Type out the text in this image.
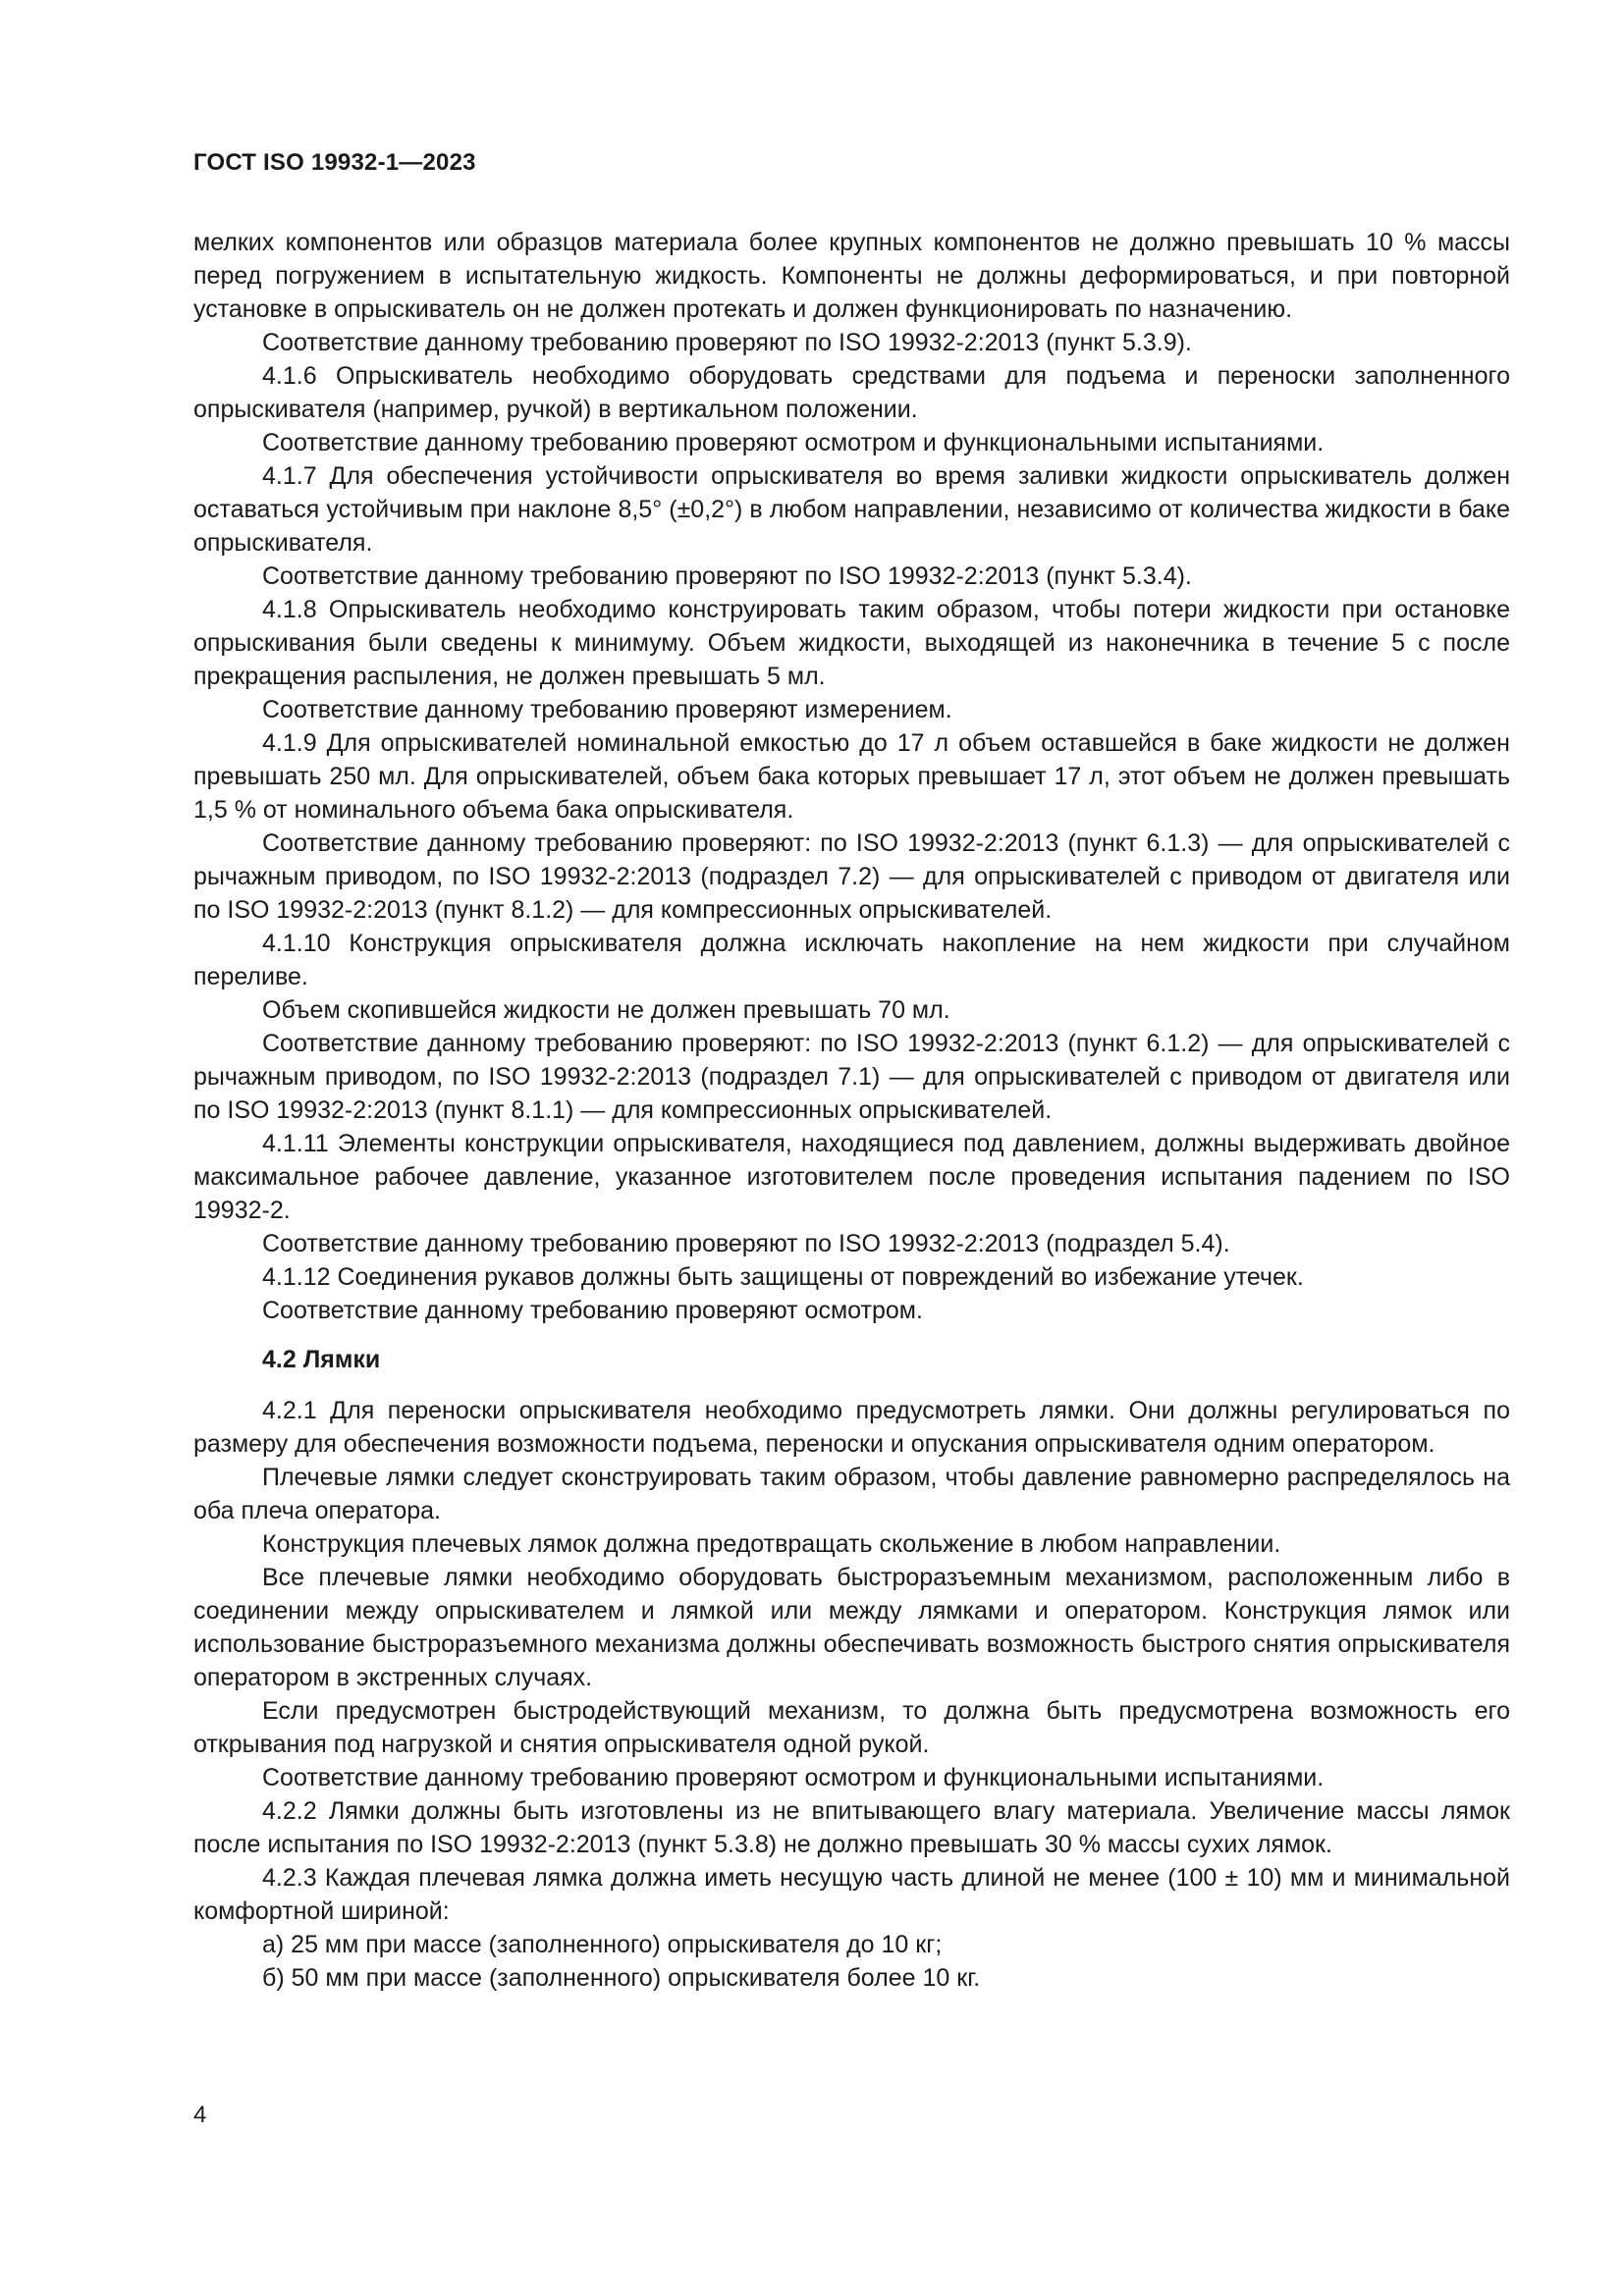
ГОСТ ISO 19932-1—2023

мелких компонентов или образцов материала более крупных компонентов не должно превышать 10 % массы перед погружением в испытательную жидкость. Компоненты не должны деформироваться, и при повторной установке в опрыскиватель он не должен протекать и должен функционировать по назначению.

Соответствие данному требованию проверяют по ISO 19932-2:2013 (пункт 5.3.9).

4.1.6 Опрыскиватель необходимо оборудовать средствами для подъема и переноски заполненного опрыскивателя (например, ручкой) в вертикальном положении.

Соответствие данному требованию проверяют осмотром и функциональными испытаниями.

4.1.7 Для обеспечения устойчивости опрыскивателя во время заливки жидкости опрыскиватель должен оставаться устойчивым при наклоне 8,5° (±0,2°) в любом направлении, независимо от количества жидкости в баке опрыскивателя.

Соответствие данному требованию проверяют по ISO 19932-2:2013 (пункт 5.3.4).

4.1.8 Опрыскиватель необходимо конструировать таким образом, чтобы потери жидкости при остановке опрыскивания были сведены к минимуму. Объем жидкости, выходящей из наконечника в течение 5 с после прекращения распыления, не должен превышать 5 мл.

Соответствие данному требованию проверяют измерением.

4.1.9 Для опрыскивателей номинальной емкостью до 17 л объем оставшейся в баке жидкости не должен превышать 250 мл. Для опрыскивателей, объем бака которых превышает 17 л, этот объем не должен превышать 1,5 % от номинального объема бака опрыскивателя.

Соответствие данному требованию проверяют: по ISO 19932-2:2013 (пункт 6.1.3) — для опрыскивателей с рычажным приводом, по ISO 19932-2:2013 (подраздел 7.2) — для опрыскивателей с приводом от двигателя или по ISO 19932-2:2013 (пункт 8.1.2) — для компрессионных опрыскивателей.

4.1.10 Конструкция опрыскивателя должна исключать накопление на нем жидкости при случайном переливе.

Объем скопившейся жидкости не должен превышать 70 мл.

Соответствие данному требованию проверяют: по ISO 19932-2:2013 (пункт 6.1.2) — для опрыскивателей с рычажным приводом, по ISO 19932-2:2013 (подраздел 7.1) — для опрыскивателей с приводом от двигателя или по ISO 19932-2:2013 (пункт 8.1.1) — для компрессионных опрыскивателей.

4.1.11 Элементы конструкции опрыскивателя, находящиеся под давлением, должны выдерживать двойное максимальное рабочее давление, указанное изготовителем после проведения испытания падением по ISO 19932-2.

Соответствие данному требованию проверяют по ISO 19932-2:2013 (подраздел 5.4).

4.1.12 Соединения рукавов должны быть защищены от повреждений во избежание утечек.

Соответствие данному требованию проверяют осмотром.

4.2 Лямки

4.2.1 Для переноски опрыскивателя необходимо предусмотреть лямки. Они должны регулироваться по размеру для обеспечения возможности подъема, переноски и опускания опрыскивателя одним оператором.

Плечевые лямки следует сконструировать таким образом, чтобы давление равномерно распределялось на оба плеча оператора.

Конструкция плечевых лямок должна предотвращать скольжение в любом направлении.

Все плечевые лямки необходимо оборудовать быстроразъемным механизмом, расположенным либо в соединении между опрыскивателем и лямкой или между лямками и оператором. Конструкция лямок или использование быстроразъемного механизма должны обеспечивать возможность быстрого снятия опрыскивателя оператором в экстренных случаях.

Если предусмотрен быстродействующий механизм, то должна быть предусмотрена возможность его открывания под нагрузкой и снятия опрыскивателя одной рукой.

Соответствие данному требованию проверяют осмотром и функциональными испытаниями.

4.2.2 Лямки должны быть изготовлены из не впитывающего влагу материала. Увеличение массы лямок после испытания по ISO 19932-2:2013 (пункт 5.3.8) не должно превышать 30 % массы сухих лямок.

4.2.3 Каждая плечевая лямка должна иметь несущую часть длиной не менее (100 ± 10) мм и минимальной комфортной шириной:

а) 25 мм при массе (заполненного) опрыскивателя до 10 кг;

б) 50 мм при массе (заполненного) опрыскивателя более 10 кг.

4
